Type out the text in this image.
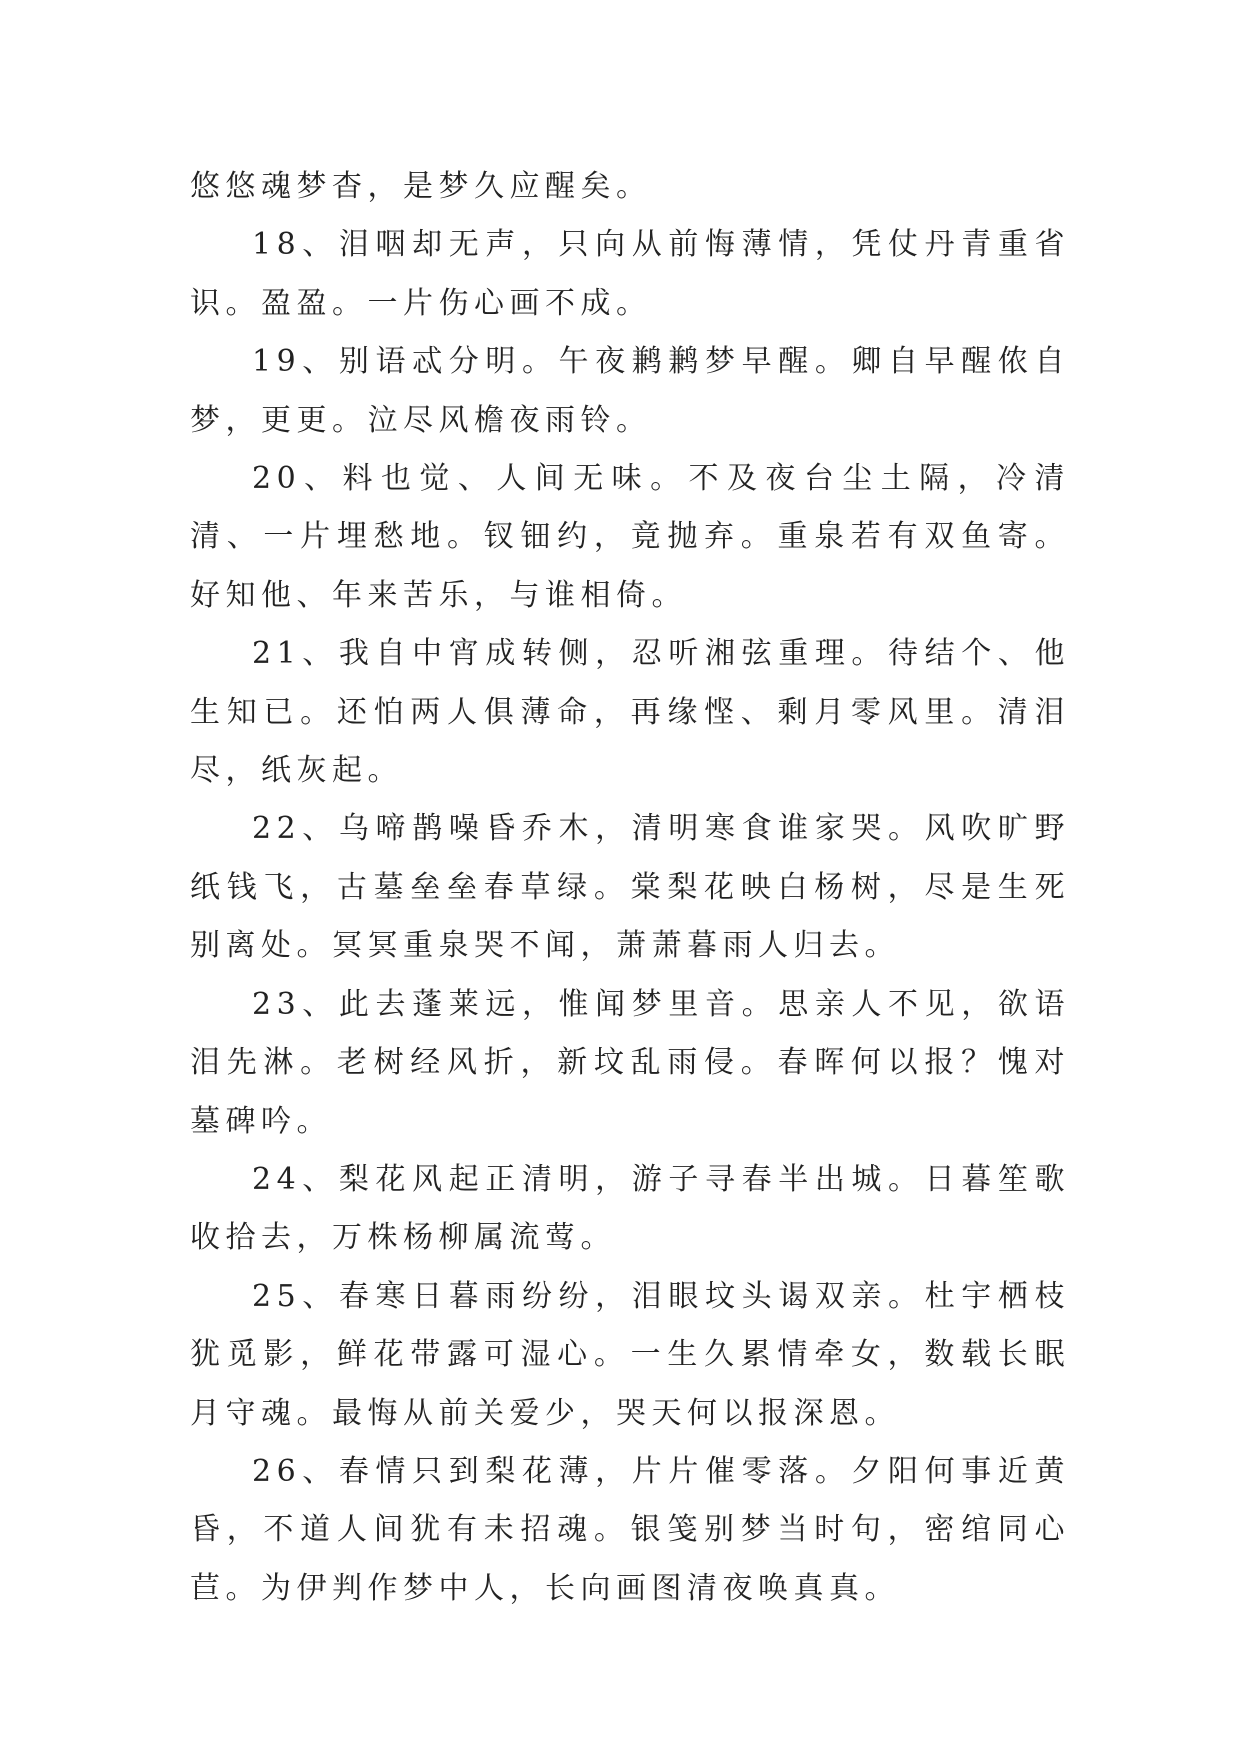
悠悠魂梦杳，是梦久应醒矣。

18、泪咽却无声，只向从前悔薄情，凭仗丹青重省识。盈盈。一片伤心画不成。

19、别语忒分明。午夜鹣鹣梦早醒。卿自早醒侬自梦，更更。泣尽风檐夜雨铃。

20、料也觉、人间无味。不及夜台尘土隔，冷清清、一片埋愁地。钗钿约，竟抛弃。重泉若有双鱼寄。好知他、年来苦乐，与谁相倚。

21、我自中宵成转侧，忍听湘弦重理。待结个、他生知已。还怕两人俱薄命，再缘悭、剩月零风里。清泪尽，纸灰起。

22、乌啼鹊噪昏乔木，清明寒食谁家哭。风吹旷野纸钱飞，古墓垒垒春草绿。棠梨花映白杨树，尽是生死别离处。冥冥重泉哭不闻，萧萧暮雨人归去。

23、此去蓬莱远，惟闻梦里音。思亲人不见，欲语泪先淋。老树经风折，新坟乱雨侵。春晖何以报？愧对墓碑吟。

24、梨花风起正清明，游子寻春半出城。日暮笙歌收拾去，万株杨柳属流莺。

25、春寒日暮雨纷纷，泪眼坟头谒双亲。杜宇栖枝犹觅影，鲜花带露可湿心。一生久累情牵女，数载长眠月守魂。最悔从前关爱少，哭天何以报深恩。

26、春情只到梨花薄，片片催零落。夕阳何事近黄昏，不道人间犹有未招魂。银笺别梦当时句，密绾同心苣。为伊判作梦中人，长向画图清夜唤真真。
